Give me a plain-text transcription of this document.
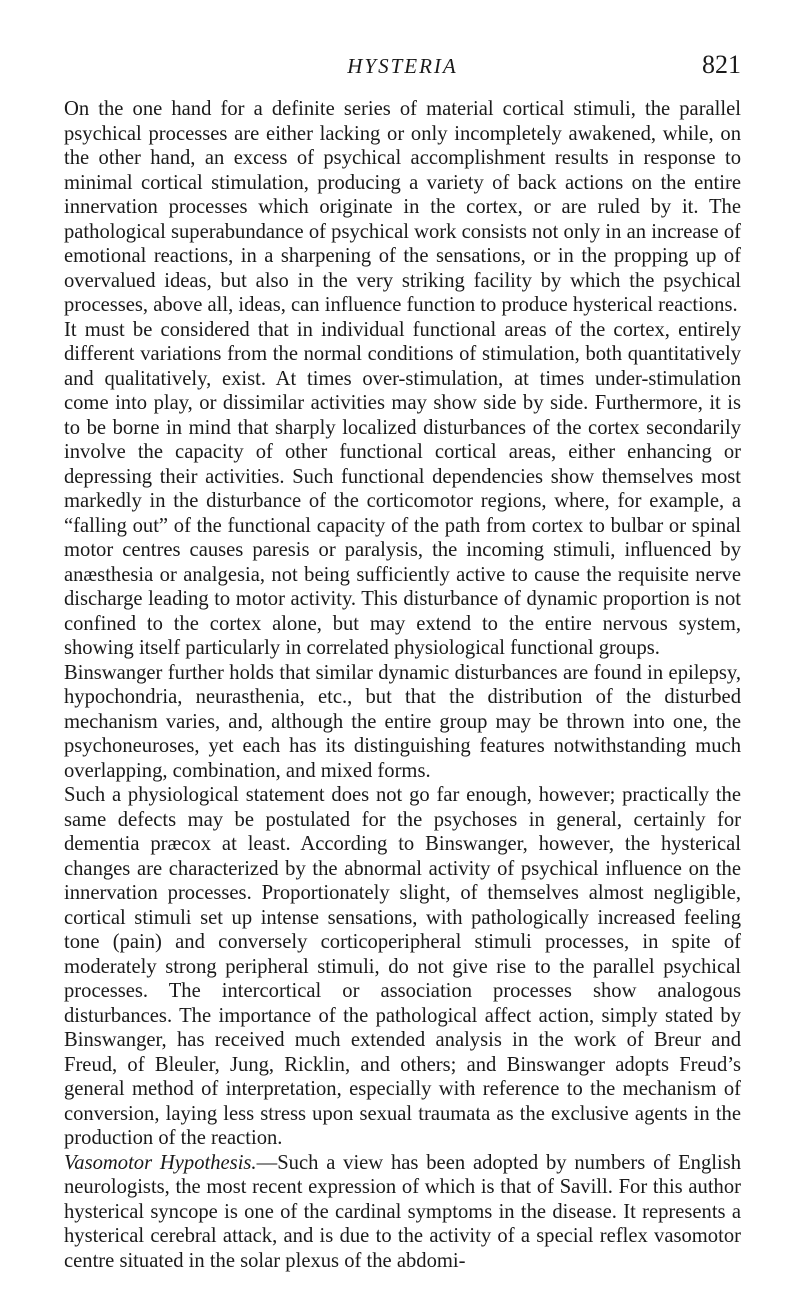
HYSTERIA	821

On the one hand for a definite series of material cortical stimuli, the parallel psychical processes are either lacking or only incompletely awakened, while, on the other hand, an excess of psychical accomplishment results in response to minimal cortical stimulation, producing a variety of back actions on the entire innervation processes which originate in the cortex, or are ruled by it. The pathological superabundance of psychical work consists not only in an increase of emotional reactions, in a sharpening of the sensations, or in the propping up of overvalued ideas, but also in the very striking facility by which the psychical processes, above all, ideas, can influence function to produce hysterical reactions.

It must be considered that in individual functional areas of the cortex, entirely different variations from the normal conditions of stimulation, both quantitatively and qualitatively, exist. At times over-stimulation, at times under-stimulation come into play, or dissimilar activities may show side by side. Furthermore, it is to be borne in mind that sharply localized disturbances of the cortex secondarily involve the capacity of other functional cortical areas, either enhancing or depressing their activities. Such functional dependencies show themselves most markedly in the disturbance of the corticomotor regions, where, for example, a “falling out” of the functional capacity of the path from cortex to bulbar or spinal motor centres causes paresis or paralysis, the incoming stimuli, influenced by anæsthesia or analgesia, not being sufficiently active to cause the requisite nerve discharge leading to motor activity. This disturbance of dynamic proportion is not confined to the cortex alone, but may extend to the entire nervous system, showing itself particularly in correlated physiological functional groups.

Binswanger further holds that similar dynamic disturbances are found in epilepsy, hypochondria, neurasthenia, etc., but that the distribution of the disturbed mechanism varies, and, although the entire group may be thrown into one, the psychoneuroses, yet each has its distinguishing features notwithstanding much overlapping, combination, and mixed forms.

Such a physiological statement does not go far enough, however; practically the same defects may be postulated for the psychoses in general, certainly for dementia præcox at least. According to Binswanger, however, the hysterical changes are characterized by the abnormal activity of psychical influence on the innervation processes. Proportionately slight, of themselves almost negligible, cortical stimuli set up intense sensations, with pathologically increased feeling tone (pain) and conversely corticoperipheral stimuli processes, in spite of moderately strong peripheral stimuli, do not give rise to the parallel psychical processes. The intercortical or association processes show analogous disturbances. The importance of the pathological affect action, simply stated by Binswanger, has received much extended analysis in the work of Breur and Freud, of Bleuler, Jung, Ricklin, and others; and Binswanger adopts Freud’s general method of interpretation, especially with reference to the mechanism of conversion, laying less stress upon sexual traumata as the exclusive agents in the production of the reaction.

Vasomotor Hypothesis.—Such a view has been adopted by numbers of English neurologists, the most recent expression of which is that of Savill. For this author hysterical syncope is one of the cardinal symptoms in the disease. It represents a hysterical cerebral attack, and is due to the activity of a special reflex vasomotor centre situated in the solar plexus of the abdomi-
